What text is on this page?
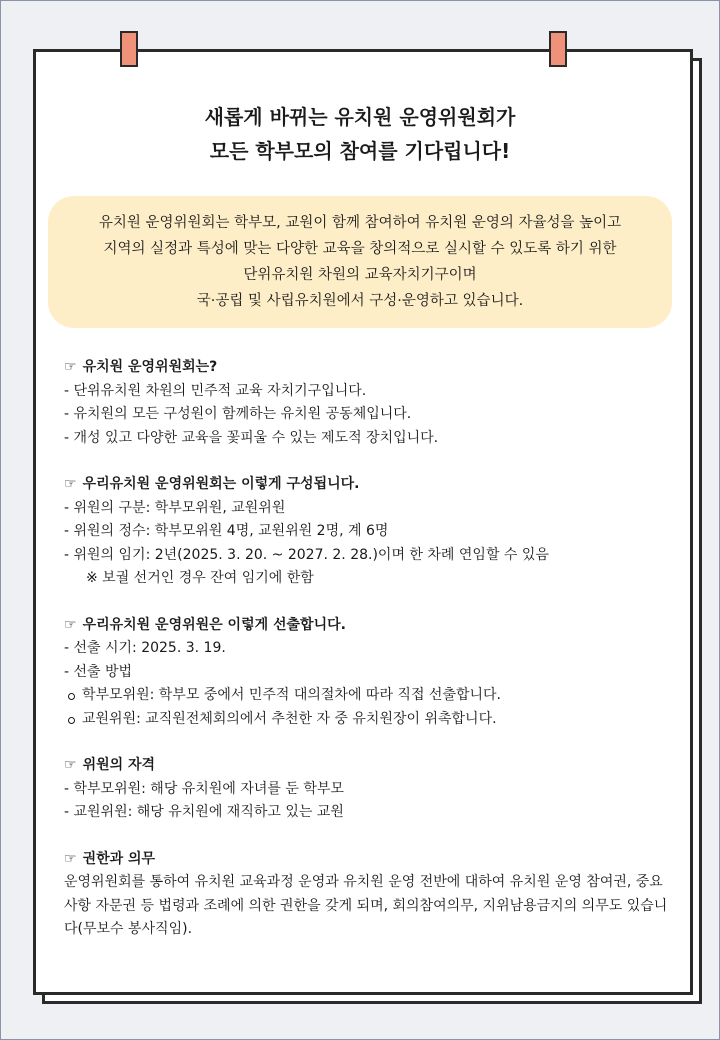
새롭게 바뀌는 유치원 운영위원회가
모든 학부모의 참여를 기다립니다!
유치원 운영위원회는 학부모, 교원이 함께 참여하여 유치원 운영의 자율성을 높이고
지역의 실정과 특성에 맞는 다양한 교육을 창의적으로 실시할 수 있도록 하기 위한
단위유치원 차원의 교육자치기구이며
국·공립 및 사립유치원에서 구성·운영하고 있습니다.
☞ 유치원 운영위원회는?
- 단위유치원 차원의 민주적 교육 자치기구입니다.
- 유치원의 모든 구성원이 함께하는 유치원 공동체입니다.
- 개성 있고 다양한 교육을 꽃피울 수 있는 제도적 장치입니다.
☞ 우리유치원 운영위원회는 이렇게 구성됩니다.
- 위원의 구분: 학부모위원, 교원위원
- 위원의 정수: 학부모위원 4명, 교원위원 2명, 계 6명
- 위원의 임기: 2년(2025. 3. 20. ~ 2027. 2. 28.)이며 한 차례 연임할 수 있음
※ 보궐 선거인 경우 잔여 임기에 한함
☞ 우리유치원 운영위원은 이렇게 선출합니다.
- 선출 시기: 2025. 3. 19.
- 선출 방법
학부모위원: 학부모 중에서 민주적 대의절차에 따라 직접 선출합니다.
교원위원: 교직원전체회의에서 추천한 자 중 유치원장이 위촉합니다.
☞ 위원의 자격
- 학부모위원: 해당 유치원에 자녀를 둔 학부모
- 교원위원: 해당 유치원에 재직하고 있는 교원
☞ 권한과 의무
운영위원회를 통하여 유치원 교육과정 운영과 유치원 운영 전반에 대하여 유치원 운영 참여권, 중요사항 자문권 등 법령과 조례에 의한 권한을 갖게 되며, 회의참여의무, 지위남용금지의 의무도 있습니다(무보수 봉사직임).
